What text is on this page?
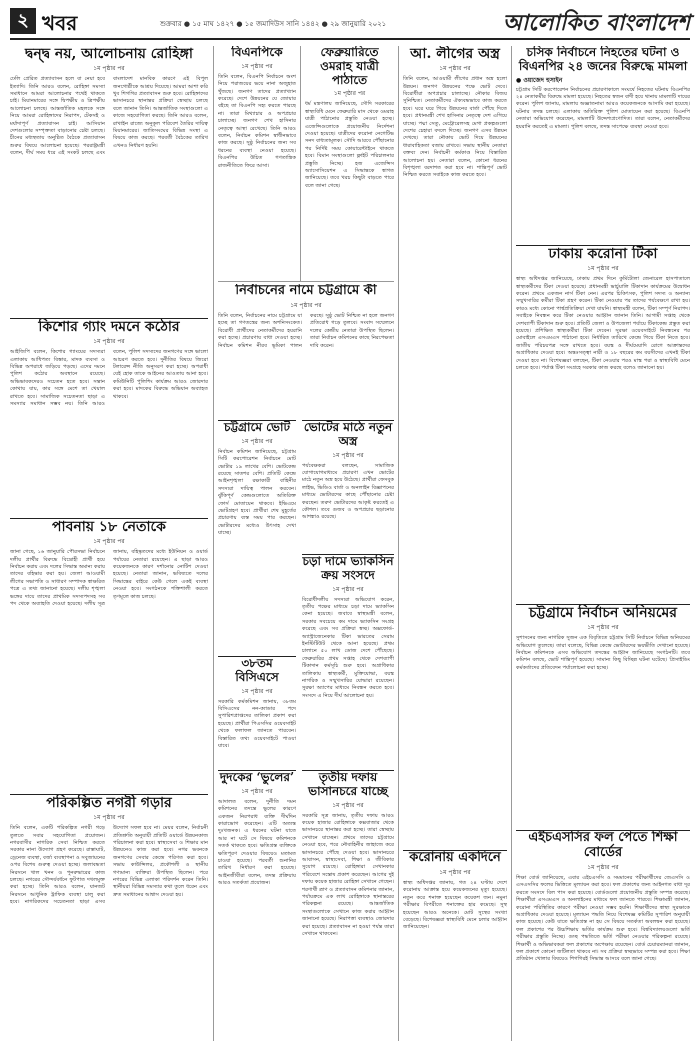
২ খবর	শুক্রবার ● ১৫ মাঘ ১৪২৭ ● ১৫ জমাদিউস সানি ১৪৪২ ● ২৯ জানুয়ারি ২০২১	আলোকিত বাংলাদেশ
দ্বন্দ্ব নয়, আলোচনায় রোহিঙ্গা
১ম পৃষ্ঠার পর

ঢেলি প্রেরিত প্রত্যাবাসন হলে বা নেয়া হবে ইত্যাদি। তিনি আরও বলেন, রোহিঙ্গা সমস্যা সমাধানে আমরা আলোচনার পথেই থাকতে চাই। মিয়ানমারের সঙ্গে দ্বিপক্ষীয় ও ত্রিপক্ষীয় আলোচনা চলছে। আন্তর্জাতিক মহলকে সঙ্গে নিয়ে আমরা রোহিঙ্গাদের নিরাপদ, টেকসই ও মর্যাদাপূর্ণ প্রত্যাবাসন চাই। আসিয়ান দেশগুলোর সম্পৃক্ততা বাড়ানোর চেষ্টা চলছে। চীনের মধ্যস্থতায় অনুষ্ঠিত বৈঠকে প্রত্যাবাসন শুরুর বিষয়ে আলোচনা হয়েছে। পররাষ্ট্রমন্ত্রী বলেন, দীর্ঘ সময় ধরে এই সংকট চলছে এবং বাংলাদেশ মানবিক কারণে এই বিপুল জনগোষ্ঠীকে আশ্রয় দিয়েছে। আমরা আশা করি খুব শিগগির প্রত্যাবাসন শুরু হবে। রোহিঙ্গাদের ভাসানচরে স্থানান্তর প্রক্রিয়া স্বেচ্ছায় চলছে বলে জানান তিনি। আন্তর্জাতিক সংস্থাগুলো এ কাজে সহযোগিতা করছে। তিনি আরও বলেন, রাখাইন রাজ্যে অনুকূল পরিবেশ তৈরির দায়িত্ব মিয়ানমারের। জাতিসংঘের বিভিন্ন সংস্থা এ বিষয়ে কাজ করছে। পরবর্তী বৈঠকের তারিখ এখনও নির্ধারণ হয়নি।

কিশোর গ্যাং দমনে কঠোর
১ম পৃষ্ঠার পর

আইজিপি বলেন, কিশোর গ্যাংয়ের সদস্যরা এলাকায় আধিপত্য বিস্তার, মাদক ব্যবসা ও বিভিন্ন অপরাধে জড়িয়ে পড়ছে। এদের দমনে পুলিশ কঠোর অবস্থানে রয়েছে। অভিভাবকদেরও সচেতন হতে হবে। সন্তান কোথায় যায়, কার সঙ্গে মেশে তা খেয়াল রাখতে হবে। সামাজিক সচেতনতা ছাড়া এ সমস্যার সমাধান সম্ভব নয়। তিনি আরও বলেন, পুলিশ সদস্যদের জনগণের সঙ্গে ভালো আচরণ করতে হবে। দুর্নীতির বিষয়ে জিরো টলারেন্স নীতি অনুসরণ করা হচ্ছে। অপরাধী যেই হোক তাকে আইনের আওতায় আনা হবে। কমিউনিটি পুলিশিং কার্যক্রম আরও জোরদার করা হবে। মাদকের বিরুদ্ধে অভিযান অব্যাহত থাকবে।

পাবনায় ১৮ নেতাকে
১ম পৃষ্ঠার পর

জানা গেছে, ১৬ জানুয়ারি পৌরসভা নির্বাচনে দলীয় প্রার্থীর বিরুদ্ধে বিদ্রোহী প্রার্থী হয়ে নির্বাচন করায় এবং দলের সিদ্ধান্ত অমান্য করায় তাদের বহিষ্কার করা হয়। জেলা আওয়ামী লীগের সভাপতি ও সাধারণ সম্পাদক স্বাক্ষরিত পত্রে এ তথ্য জানানো হয়েছে। দলীয় শৃঙ্খলা ভঙ্গের দায়ে তাদের প্রাথমিক সদস্যপদসহ সব পদ থেকে অব্যাহতি দেওয়া হয়েছে। দলীয় সূত্র জানায়, বহিষ্কৃতদের মধ্যে ইউনিয়ন ও ওয়ার্ড পর্যায়ের নেতারা রয়েছেন। এ ছাড়া আরও কয়েকজনকে কারণ দর্শানোর নোটিশ দেওয়া হয়েছে। নেতারা জানান, ভবিষ্যতে দলের সিদ্ধান্তের বাইরে কেউ গেলে একই ব্যবস্থা নেওয়া হবে। সংগঠনকে শক্তিশালী করতে তৃণমূলে কাজ চলছে।

পরিকল্পিত নগরী গড়ার
১ম পৃষ্ঠার পর

তিনি বলেন, একটি পরিকল্পিত নগরী গড়ে তুলতে সবার সহযোগিতা প্রয়োজন। নগরবাসীর নাগরিক সেবা নিশ্চিত করতে সরকার নানা উদ্যোগ গ্রহণ করেছে। রাস্তাঘাট, ড্রেনেজ ব্যবস্থা, বর্জ্য ব্যবস্থাপনা ও সবুজায়নের ওপর বিশেষ গুরুত্ব দেওয়া হচ্ছে। জলাবদ্ধতা নিরসনে খাল খনন ও পুনরুদ্ধারের কাজ চলছে। নগরের সৌন্দর্যবর্ধনে ফুটপাত দখলমুক্ত করা হচ্ছে। তিনি আরও বলেন, যানজট নিরসনে আধুনিক ট্রাফিক ব্যবস্থা চালু করা হবে। নাগরিকদের সচেতনতা ছাড়া এসব উদ্যোগ সফল হবে না। মেয়র বলেন, নির্বাচনী প্রতিশ্রুতি অনুযায়ী প্রতিটি ওয়ার্ডে উন্নয়নকাজ পরিচালনা করা হবে। স্বাস্থ্যসেবা ও শিক্ষার মান উন্নয়নেও কাজ করা হবে। নগর ভবনকে জনগণের সেবার কেন্দ্রে পরিণত করা হবে। সভায় কাউন্সিলর, প্রকৌশলী ও স্থানীয় গণ্যমান্য ব্যক্তিরা উপস্থিত ছিলেন। পরে নগরের বিভিন্ন এলাকা পরিদর্শন করেন তিনি। স্থানীয়রা বিভিন্ন সমস্যার কথা তুলে ধরেন এবং দ্রুত সমাধানের আশ্বাস দেওয়া হয়।

বিএনপিকে
১ম পৃষ্ঠার পর

তিনি বলেন, বিএনপি নির্বাচনে অংশ নিয়ে পরাজয়ের ভয়ে নানা অজুহাত খুঁজছে। জনগণ তাদের প্রত্যাখ্যান করেছে। দেশে উন্নয়নের যে জোয়ার বইছে তা বিএনপি সহ্য করতে পারছে না। তারা মিথ্যাচার ও অপপ্রচার চালাচ্ছে। জনগণ শেখ হাসিনার নেতৃত্বে আস্থা রেখেছে। তিনি আরও বলেন, নির্বাচন কমিশন স্বাধীনভাবে কাজ করছে। সুষ্ঠু নির্বাচনের জন্য সব ধরনের ব্যবস্থা নেওয়া হয়েছে। বিএনপির উচিত গণতান্ত্রিক রাজনীতিতে ফিরে আসা।

চট্টগ্রামে ভোট
১ম পৃষ্ঠার পর

নির্বাচন কমিশন জানিয়েছে, চট্টগ্রাম সিটি করপোরেশন নির্বাচনে মোট ভোটার ১৯ লাখের বেশি। ভোটকেন্দ্র রয়েছে সাতশর বেশি। প্রতিটি কেন্দ্রে আইনশৃঙ্খলা রক্ষাকারী বাহিনীর সদস্যরা দায়িত্ব পালন করবেন। ঝুঁকিপূর্ণ কেন্দ্রগুলোতে অতিরিক্ত ফোর্স মোতায়েন থাকবে। ইভিএমে ভোটগ্রহণ হবে। প্রার্থীরা শেষ মুহূর্তের প্রচারণায় ব্যস্ত সময় পার করছেন। ভোটারদের মধ্যেও উৎসাহ দেখা যাচ্ছে।

৩৮তম বিসিএসে
১ম পৃষ্ঠার পর

সরকারি কর্মকমিশন জানায়, ৩৮তম বিসিএসের নন-ক্যাডার পদে সুপারিশপ্রাপ্তদের তালিকা প্রকাশ করা হয়েছে। প্রার্থীরা পিএসসির ওয়েবসাইট থেকে ফলাফল জানতে পারবেন। বিস্তারিত তথ্য ওয়েবসাইটে পাওয়া যাবে।

দুদকের ‘ভুলের’
১ম পৃষ্ঠার পর

আদালত বলেন, দুর্নীতি দমন কমিশনের তদন্তে ভুলের কারণে একজন নিরপরাধ ব্যক্তি দীর্ঘদিন কারাভোগ করেছেন। এটি অত্যন্ত দুঃখজনক। এ ধরনের ঘটনা যাতে আর না ঘটে সে বিষয়ে কমিশনকে সতর্ক থাকতে হবে। ক্ষতিগ্রস্ত ব্যক্তিকে ক্ষতিপূরণ দেওয়ার বিষয়েও মতামত চাওয়া হয়েছে। পরবর্তী শুনানির তারিখ নির্ধারণ করা হয়েছে। আইনজীবীরা বলেন, তদন্ত প্রক্রিয়ায় আরও সতর্কতা প্রয়োজন।

ফেব্রুয়ারিতে ওমরাহ যাত্রী পাঠাতে
১ম পৃষ্ঠার পর

ধর্ম মন্ত্রণালয় জানিয়েছে, সৌদি সরকারের স্বাস্থ্যবিধি মেনে ফেব্রুয়ারি মাস থেকে ওমরাহ যাত্রী পাঠানোর প্রস্তুতি নেওয়া হচ্ছে। এজেন্সিগুলোকে প্রয়োজনীয় নির্দেশনা দেওয়া হয়েছে। যাত্রীদের করোনা নেগেটিভ সনদ বাধ্যতামূলক। সৌদি আরবে পৌঁছানোর পর নির্দিষ্ট সময় কোয়ারেন্টাইনে থাকতে হবে। বিমান সংস্থাগুলো ফ্লাইট পরিচালনার প্রস্তুতি নিচ্ছে। হজ এজেন্সিস অ্যাসোসিয়েশন এ সিদ্ধান্তকে স্বাগত জানিয়েছে। তবে খরচ কিছুটা বাড়তে পারে বলে জানা গেছে।

নির্বাচনের নামে চট্টগ্রামে কী
১ম পৃষ্ঠার পর

তিনি বলেন, নির্বাচনের নামে চট্টগ্রামে যা হচ্ছে তা গণতন্ত্রের জন্য অশনিসংকেত। বিরোধী প্রার্থীদের নেতাকর্মীদের হয়রানি করা হচ্ছে। প্রচারণায় বাধা দেওয়া হচ্ছে। নির্বাচন কমিশন নীরব ভূমিকা পালন করছে। সুষ্ঠু ভোট নিশ্চিত না হলে জনগণ প্রতিরোধ গড়ে তুলবে। সংবাদ সম্মেলনে দলের কেন্দ্রীয় নেতারা উপস্থিত ছিলেন। তারা নির্বাচন কমিশনের কাছে নিরপেক্ষতা দাবি করেন।

ভোটের মাঠে নতুন অস্ত্র
১ম পৃষ্ঠার পর

পর্যবেক্ষকরা বলছেন, সামাজিক যোগাযোগমাধ্যমে প্রচারণা এখন ভোটের মাঠে নতুন অস্ত্র হয়ে উঠেছে। প্রার্থীরা ফেসবুক লাইভ, ভিডিও বার্তা ও অনলাইন বিজ্ঞাপনের মাধ্যমে ভোটারদের কাছে পৌঁছানোর চেষ্টা করছেন। তরুণ ভোটারদের আকৃষ্ট করতেই এ কৌশল। তবে গুজব ও অপপ্রচার ছড়ানোর আশঙ্কাও রয়েছে।

চড়া দামে ভ্যাকসিন ক্রয় সংসদে
১ম পৃষ্ঠার পর

বিরোধীদলীয় সদস্যরা অভিযোগ করেন, তৃতীয় পক্ষের মাধ্যমে চড়া দামে ভ্যাকসিন কেনা হয়েছে। জবাবে স্বাস্থ্যমন্ত্রী বলেন, সরকার সবচেয়ে কম দামে ভ্যাকসিন সংগ্রহ করেছে এবং সব প্রক্রিয়া স্বচ্ছ। অক্সফোর্ড-অ্যাস্ট্রাজেনেকার টিকা ভারতের সেরাম ইনস্টিটিউট থেকে আনা হয়েছে। প্রথম চালানে ৫০ লাখ ডোজ দেশে পৌঁছেছে। ফেব্রুয়ারির প্রথম সপ্তাহ থেকে দেশব্যাপী টিকাদান কর্মসূচি শুরু হবে। অগ্রাধিকার তালিকায় স্বাস্থ্যকর্মী, মুক্তিযোদ্ধা, বয়স্ক নাগরিক ও সম্মুখসারির যোদ্ধারা রয়েছেন। সুরক্ষা অ্যাপের মাধ্যমে নিবন্ধন করতে হবে। সংসদে এ নিয়ে দীর্ঘ আলোচনা হয়।

তৃতীয় দফায় ভাসানচরে যাচ্ছে
১ম পৃষ্ঠার পর

সরকারি সূত্র জানায়, তৃতীয় দফায় আরও কয়েক হাজার রোহিঙ্গাকে কক্সবাজার থেকে ভাসানচরে স্থানান্তর করা হচ্ছে। তারা স্বেচ্ছায় সেখানে যাচ্ছেন। প্রথমে তাদের চট্টগ্রামে নেওয়া হবে, পরে নৌবাহিনীর জাহাজে করে ভাসানচরে পৌঁছে দেওয়া হবে। ভাসানচরে আবাসন, স্বাস্থ্যসেবা, শিক্ষা ও জীবিকার সুযোগ রয়েছে। রোহিঙ্গারা সেখানকার পরিবেশে সন্তোষ প্রকাশ করেছেন। আগের দুই দফায় কয়েক হাজার রোহিঙ্গা সেখানে গেছেন। শরণার্থী ত্রাণ ও প্রত্যাবাসন কমিশনার জানান, পর্যায়ক্রমে এক লাখ রোহিঙ্গাকে স্থানান্তরের পরিকল্পনা রয়েছে। আন্তর্জাতিক সংস্থাগুলোকে সেখানে কাজ করার আহ্বান জানানো হয়েছে। নিরাপত্তা ব্যবস্থাও জোরদার করা হয়েছে। প্রত্যাবাসন না হওয়া পর্যন্ত তারা সেখানে থাকবেন।

আ. লীগের অস্ত্র
১ম পৃষ্ঠার পর

তিনি বলেন, আওয়ামী লীগের প্রধান অস্ত্র হলো উন্নয়ন। জনগণ উন্নয়নের পক্ষে ভোট দেবে। বিরোধীরা অপপ্রচার চালাচ্ছে। নৌকার বিজয় সুনিশ্চিত। নেতাকর্মীদের ঐক্যবদ্ধভাবে কাজ করতে হবে। ঘরে ঘরে গিয়ে উন্নয়নের বার্তা পৌঁছে দিতে হবে। প্রধানমন্ত্রী শেখ হাসিনার নেতৃত্বে দেশ এগিয়ে যাচ্ছে। পদ্মা সেতু, মেট্রোরেলসহ মেগা প্রকল্পগুলো দেশের চেহারা বদলে দিচ্ছে। জনগণ এসব উন্নয়ন দেখছে। তারা নৌকায় ভোট দিয়ে উন্নয়নের ধারাবাহিকতা বজায় রাখবে। সভায় স্থানীয় নেতারা বক্তব্য দেন। নির্বাচনী কর্মকাণ্ড নিয়ে বিস্তারিত আলোচনা হয়। নেতারা বলেন, কোনো ধরনের বিশৃঙ্খলা বরদাশত করা হবে না। শান্তিপূর্ণ ভোট নিশ্চিত করতে সবাইকে কাজ করতে হবে।

করোনায় একদিনে
১ম পৃষ্ঠার পর

স্বাস্থ্য অধিদপ্তর জানায়, গত ২৪ ঘণ্টায় দেশে করোনায় আক্রান্ত হয়ে কয়েকজনের মৃত্যু হয়েছে। নতুন করে শনাক্ত হয়েছেন কয়েকশ জন। নমুনা পরীক্ষার বিপরীতে শনাক্তের হার কমেছে। সুস্থ হয়েছেন আরও অনেকে। মোট সুস্থের সংখ্যা বেড়েছে। বিশেষজ্ঞরা স্বাস্থ্যবিধি মেনে চলার আহ্বান জানিয়েছেন।

চসিক নির্বাচনে নিহতের ঘটনা ও বিএনপির ২৪ জনের বিরুদ্ধে মামলা
● ওয়াজেদ হুসাইন

চট্টগ্রাম সিটি করপোরেশন নির্বাচনের প্রচারণাকালে সংঘর্ষে নিহতের ঘটনায় বিএনপির ২৪ নেতাকর্মীর বিরুদ্ধে মামলা হয়েছে। নিহতের স্বজন বাদী হয়ে থানায় মামলাটি দায়ের করেন। পুলিশ জানায়, মামলায় অজ্ঞাতনামা আরও কয়েকজনকে আসামি করা হয়েছে। ঘটনার তদন্ত চলছে। এলাকায় অতিরিক্ত পুলিশ মোতায়েন করা হয়েছে। বিএনপি নেতারা অভিযোগ করেছেন, মামলাটি উদ্দেশ্যপ্রণোদিত। তারা বলেন, নেতাকর্মীদের হয়রানি করতেই এ মামলা। পুলিশ বলছে, তদন্ত সাপেক্ষে ব্যবস্থা নেওয়া হবে।

ঢাকায় করোনা টিকা
১ম পৃষ্ঠার পর

স্বাস্থ্য অধিদপ্তর জানিয়েছে, ঢাকায় প্রথম দিনে কুর্মিটোলা জেনারেল হাসপাতালে স্বাস্থ্যকর্মীদের টিকা দেওয়া হয়েছে। প্রধানমন্ত্রী ভার্চুয়ালি টিকাদান কার্যক্রমের উদ্বোধন করেন। প্রথমে একজন নার্স টিকা নেন। এরপর চিকিৎসক, পুলিশ সদস্য ও অন্যান্য সম্মুখসারির কর্মীরা টিকা গ্রহণ করেন। টিকা নেওয়ার পর তাদের পর্যবেক্ষণে রাখা হয়। কারও মধ্যে কোনো পার্শ্বপ্রতিক্রিয়া দেখা যায়নি। স্বাস্থ্যমন্ত্রী বলেন, টিকা সম্পূর্ণ নিরাপদ। সবাইকে নিবন্ধন করে টিকা নেওয়ার আহ্বান জানান তিনি। আগামী সপ্তাহ থেকে দেশব্যাপী টিকাদান শুরু হবে। প্রতিটি জেলা ও উপজেলা পর্যায়ে টিকাকেন্দ্র প্রস্তুত করা হয়েছে। প্রশিক্ষিত স্বাস্থ্যকর্মীরা টিকা দেবেন। সুরক্ষা ওয়েবসাইটে নিবন্ধনের পর মোবাইলে এসএমএস পাঠানো হবে। নির্ধারিত তারিখে কেন্দ্রে গিয়ে টিকা নিতে হবে। জাতীয় পরিচয়পত্র সঙ্গে রাখতে হবে। বয়স্ক ও দীর্ঘমেয়াদি রোগে আক্রান্তদের অগ্রাধিকার দেওয়া হবে। অন্তঃসত্ত্বা নারী ও ১৮ বছরের কম বয়সীদের এখনই টিকা দেওয়া হবে না। বিশেষজ্ঞরা বলছেন, টিকা নেওয়ার পরও মাস্ক পরা ও স্বাস্থ্যবিধি মেনে চলতে হবে। পর্যাপ্ত টিকা সংগ্রহে সরকার কাজ করছে বলেও জানানো হয়।

চট্টগ্রামে নির্বাচন অনিয়মের
১ম পৃষ্ঠার পর

সুশাসনের জন্য নাগরিক সুজন এক বিবৃতিতে চট্টগ্রাম সিটি নির্বাচনে বিভিন্ন অনিয়মের অভিযোগ তুলেছে। তারা বলেছে, বিভিন্ন কেন্দ্রে ভোটারদের ভয়ভীতি দেখানো হয়েছে। নির্বাচন কমিশনকে এসব অভিযোগ তদন্তের আহ্বান জানিয়েছে সংগঠনটি। তবে কমিশন বলছে, ভোট শান্তিপূর্ণ হয়েছে। সামান্য কিছু বিচ্ছিন্ন ঘটনা ঘটেছে। প্রিসাইডিং কর্মকর্তাদের প্রতিবেদন পর্যালোচনা করা হচ্ছে।

এইচএসসির ফল পেতে শিক্ষা বোর্ডের
১ম পৃষ্ঠার পর

শিক্ষা বোর্ড জানিয়েছে, এবার এইচএসসি ও সমমানের পরীক্ষার্থীদের জেএসসি ও এসএসসির ফলের ভিত্তিতে মূল্যায়ন করা হবে। ফল প্রকাশের জন্য আইনগত বাধা দূর করতে সংসদে বিল পাস করা হয়েছে। বোর্ডগুলো প্রয়োজনীয় প্রস্তুতি সম্পন্ন করেছে। শিক্ষার্থীরা এসএমএস ও অনলাইনের মাধ্যমে ফল জানতে পারবে। শিক্ষামন্ত্রী জানান, করোনা পরিস্থিতির কারণে পরীক্ষা নেওয়া সম্ভব হয়নি। শিক্ষার্থীদের স্বাস্থ্য সুরক্ষাকে অগ্রাধিকার দেওয়া হয়েছে। মূল্যায়ন পদ্ধতি নিয়ে বিশেষজ্ঞ কমিটির সুপারিশ অনুযায়ী কাজ হয়েছে। কেউ যাতে ক্ষতিগ্রস্ত না হয় সে বিষয়ে সতর্কতা অবলম্বন করা হয়েছে। ফল প্রকাশের পর উচ্চশিক্ষায় ভর্তির কার্যক্রম শুরু হবে। বিশ্ববিদ্যালয়গুলো ভর্তি পরীক্ষার প্রস্তুতি নিচ্ছে। গুচ্ছ পদ্ধতিতে ভর্তি পরীক্ষা নেওয়ার পরিকল্পনা রয়েছে। শিক্ষার্থী ও অভিভাবকরা ফল প্রকাশের অপেক্ষায় রয়েছেন। বোর্ড চেয়ারম্যানরা জানান, ফল প্রকাশে কোনো জটিলতা থাকবে না। সব প্রক্রিয়া স্বচ্ছভাবে সম্পন্ন করা হবে। শিক্ষা প্রতিষ্ঠান খোলার বিষয়েও শিগগিরই সিদ্ধান্ত আসবে বলে জানা গেছে।
